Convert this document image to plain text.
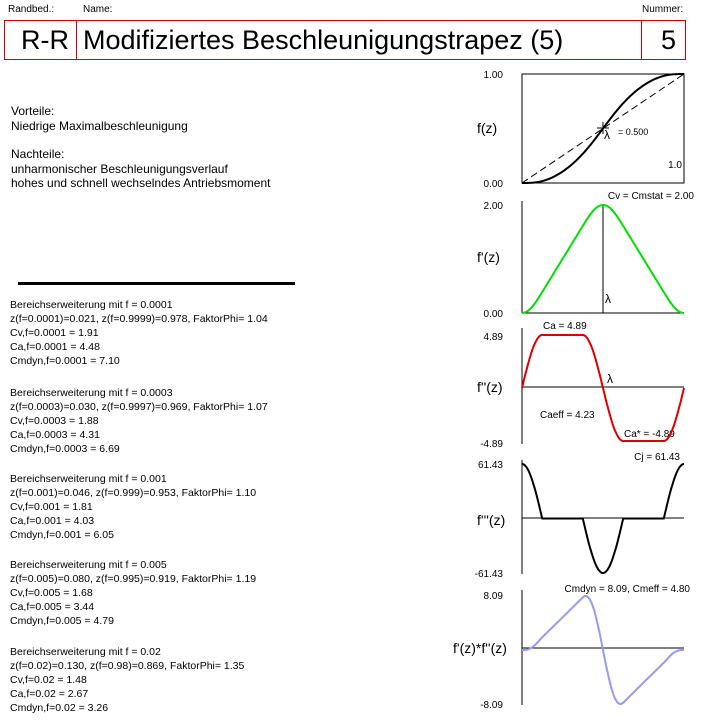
Randbed.:	Name:	Nummer:
R-R Modifiziertes Beschleunigungstrapez (5)	5
Vorteile:
Niedrige Maximalbeschleunigung
Nachteile:
unharmonischer Beschleunigungsverlauf
hohes und schnell wechselndes Antriebsmoment
Bereichserweiterung mit f = 0.0001
z(f=0.0001)=0.021, z(f=0.9999)=0.978, FaktorPhi= 1.04
Cv,f=0.0001 = 1.91
Ca,f=0.0001 = 4.48
Cmdyn,f=0.0001 = 7.10
Bereichserweiterung mit f = 0.0003
z(f=0.0003)=0.030, z(f=0.9997)=0.969, FaktorPhi= 1.07
Cv,f=0.0003 = 1.88
Ca,f=0.0003 = 4.31
Cmdyn,f=0.0003 = 6.69
Bereichserweiterung mit f = 0.001
z(f=0.001)=0.046, z(f=0.999)=0.953, FaktorPhi= 1.10
Cv,f=0.001 = 1.81
Ca,f=0.001 = 4.03
Cmdyn,f=0.001 = 6.05
Bereichserweiterung mit f = 0.005
z(f=0.005)=0.080, z(f=0.995)=0.919, FaktorPhi= 1.19
Cv,f=0.005 = 1.68
Ca,f=0.005 = 3.44
Cmdyn,f=0.005 = 4.79
Bereichserweiterung mit f = 0.02
z(f=0.02)=0.130, z(f=0.98)=0.869, FaktorPhi= 1.35
Cv,f=0.02 = 1.48
Ca,f=0.02 = 2.67
Cmdyn,f=0.02 = 3.26
1.00
0.00
1.0
f(z)	λ = 0.500
2.00
0.00
f'(z)
Cv = Cmstat = 2.00
λ
4.89
-4.89
f''(z)
Ca = 4.89
λ
Caeff = 4.23
Ca* = -4.89
61.43
-61.43
f'''(z)
Cj = 61.43
8.09
-8.09
f'(z)*f''(z)
Cmdyn = 8.09, Cmeff = 4.80
